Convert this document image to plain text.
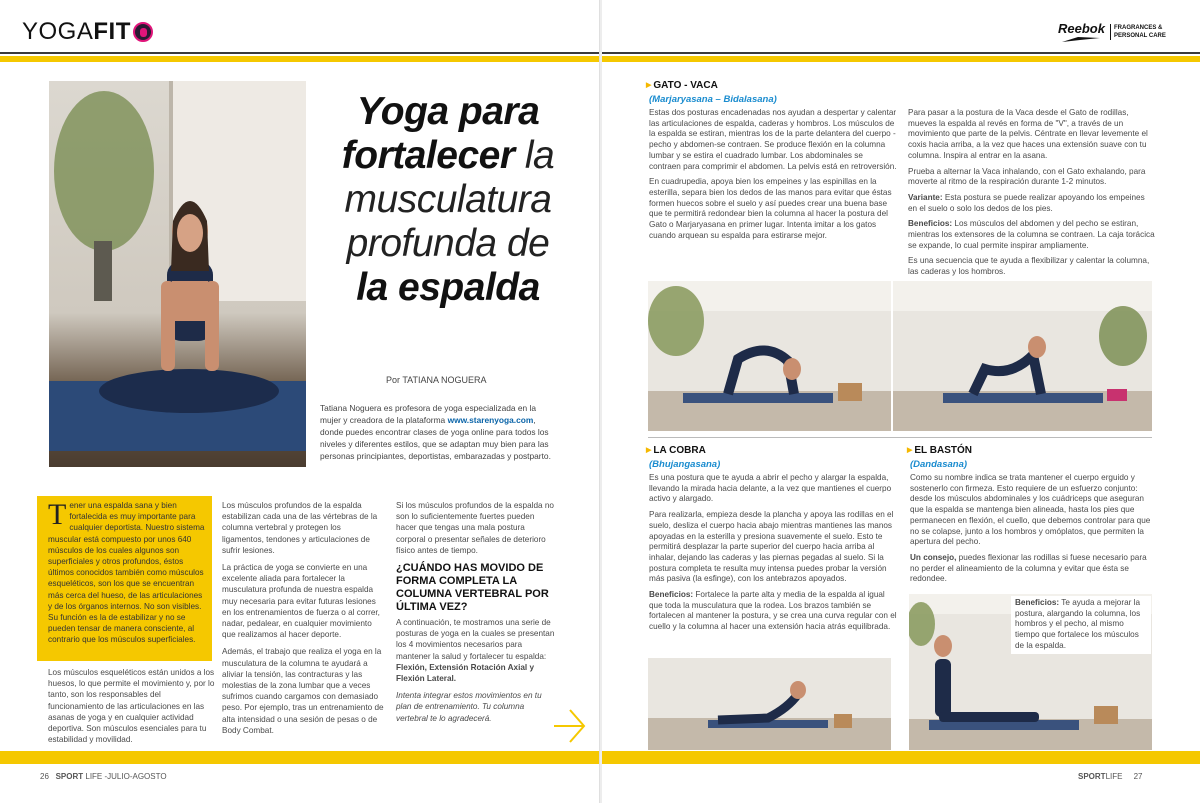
YOGAFIT
Yoga para
fortalecer la
musculatura
profunda de
la espalda
Por TATIANA NOGUERA
Tatiana Noguera es profesora de yoga especializada en la mujer y creadora de la plataforma www.starenyoga.com, donde puedes encontrar clases de yoga online para todos los niveles y diferentes estilos, que se adaptan muy bien para las personas principiantes, deportistas, embarazadas y postparto.
Tener una espalda sana y bien fortalecida es muy importante para cualquier deportista. Nuestro sistema muscular está compuesto por unos 640 músculos de los cuales algunos son superficiales y otros profundos, éstos últimos conocidos también como músculos esqueléticos, son los que se encuentran más cerca del hueso, de las articulaciones y de los órganos internos. No son visibles. Su función es la de estabilizar y no se pueden tensar de manera consciente, al contrario que los músculos superficiales.

Los músculos esqueléticos están unidos a los huesos, lo que permite el movimiento y, por lo tanto, son los responsables del funcionamiento de las articulaciones en las asanas de yoga y en cualquier actividad deportiva. Son músculos esenciales para tu estabilidad y movilidad.

Los músculos profundos de la espalda estabilizan cada una de las vértebras de la columna vertebral y protegen los ligamentos, tendones y articulaciones de sufrir lesiones.

La práctica de yoga se convierte en una excelente aliada para fortalecer la musculatura profunda de nuestra espalda muy necesaria para evitar futuras lesiones en los entrenamientos de fuerza o al correr, nadar, pedalear, en cualquier movimiento que realizamos al hacer deporte.

Además, el trabajo que realiza el yoga en la musculatura de la columna te ayudará a aliviar la tensión, las contracturas y las molestias de la zona lumbar que a veces sufrimos cuando cargamos con demasiado peso. Por ejemplo, tras un entrenamiento de alta intensidad o una sesión de pesas o de Body Combat.

Si los músculos profundos de la espalda no son lo suficientemente fuertes pueden hacer que tengas una mala postura corporal o presentar señales de deterioro físico antes de tiempo.

¿CUÁNDO HAS MOVIDO DE FORMA COMPLETA LA COLUMNA VERTEBRAL POR ÚLTIMA VEZ?

A continuación, te mostramos una serie de posturas de yoga en la cuales se presentan los 4 movimientos necesarios para mantener la salud y fortalecer tu espalda: Flexión, Extensión Rotación Axial y Flexión Lateral.

Intenta integrar estos movimientos en tu plan de entrenamiento. Tu columna vertebral te lo agradecerá.

26 SPORT LIFE -JULIO-AGOSTO
Reebok	FRAGRANCES &
PERSONAL CARE
▶ GATO - VACA
(Marjaryasana – Bidalasana)

Estas dos posturas encadenadas nos ayudan a despertar y calentar las articulaciones de espalda, caderas y hombros. Los músculos de la espalda se estiran, mientras los de la parte delantera del cuerpo -pecho y abdomen-se contraen. Se produce flexión en la columna lumbar y se estira el cuadrado lumbar. Los abdominales se contraen para comprimir el abdomen. La pelvis está en retroversión.

En cuadrupedia, apoya bien los empeines y las espinillas en la esterilla, separa bien los dedos de las manos para evitar que éstas formen huecos sobre el suelo y así puedes crear una buena base que te permitirá redondear bien la columna al hacer la postura del Gato o Marjaryasana en primer lugar. Intenta imitar a los gatos cuando arquean su espalda para estirarse mejor.

Para pasar a la postura de la Vaca desde el Gato de rodillas, mueves la espalda al revés en forma de "V", a través de un movimiento que parte de la pelvis. Céntrate en llevar levemente el coxis hacia arriba, a la vez que haces una extensión suave con tu columna. Inspira al entrar en la asana.

Prueba a alternar la Vaca inhalando, con el Gato exhalando, para moverte al ritmo de la respiración durante 1-2 minutos.

Variante: Esta postura se puede realizar apoyando los empeines en el suelo o solo los dedos de los pies.

Beneficios: Los músculos del abdomen y del pecho se estiran, mientras los extensores de la columna se contraen. La caja torácica se expande, lo cual permite inspirar ampliamente.

Es una secuencia que te ayuda a flexibilizar y calentar la columna, las caderas y los hombros.

▶ LA COBRA
(Bhujangasana)

Es una postura que te ayuda a abrir el pecho y alargar la espalda, llevando la mirada hacia delante, a la vez que mantienes el cuerpo activo y alargado.

Para realizarla, empieza desde la plancha y apoya las rodillas en el suelo, desliza el cuerpo hacia abajo mientras mantienes las manos apoyadas en la esterilla y presiona suavemente el suelo. Esto te permitirá desplazar la parte superior del cuerpo hacia arriba al inhalar, dejando las caderas y las piernas pegadas al suelo. Si la postura completa te resulta muy intensa puedes probar la versión más pasiva (la esfinge), con los antebrazos apoyados.

Beneficios: Fortalece la parte alta y media de la espalda al igual que toda la musculatura que la rodea. Los brazos también se fortalecen al mantener la postura, y se crea una curva regular con el cuello y la columna al hacer una extensión hacia atrás equilibrada.

▶ EL BASTÓN
(Dandasana)

Como su nombre indica se trata mantener el cuerpo erguido y sostenerlo con firmeza. Esto requiere de un esfuerzo conjunto: desde los músculos abdominales y los cuádriceps que aseguran que la espalda se mantenga bien alineada, hasta los pies que permanecen en flexión, el cuello, que debemos controlar para que no se colapse, junto a los hombros y omóplatos, que permiten la apertura del pecho.

Un consejo, puedes flexionar las rodillas si fuese necesario para no perder el alineamiento de la columna y evitar que ésta se redondee.

Beneficios: Te ayuda a mejorar la postura, alargando la columna, los hombros y el pecho, al mismo tiempo que fortalece los músculos de la espalda.
SPORTLIFE 27
